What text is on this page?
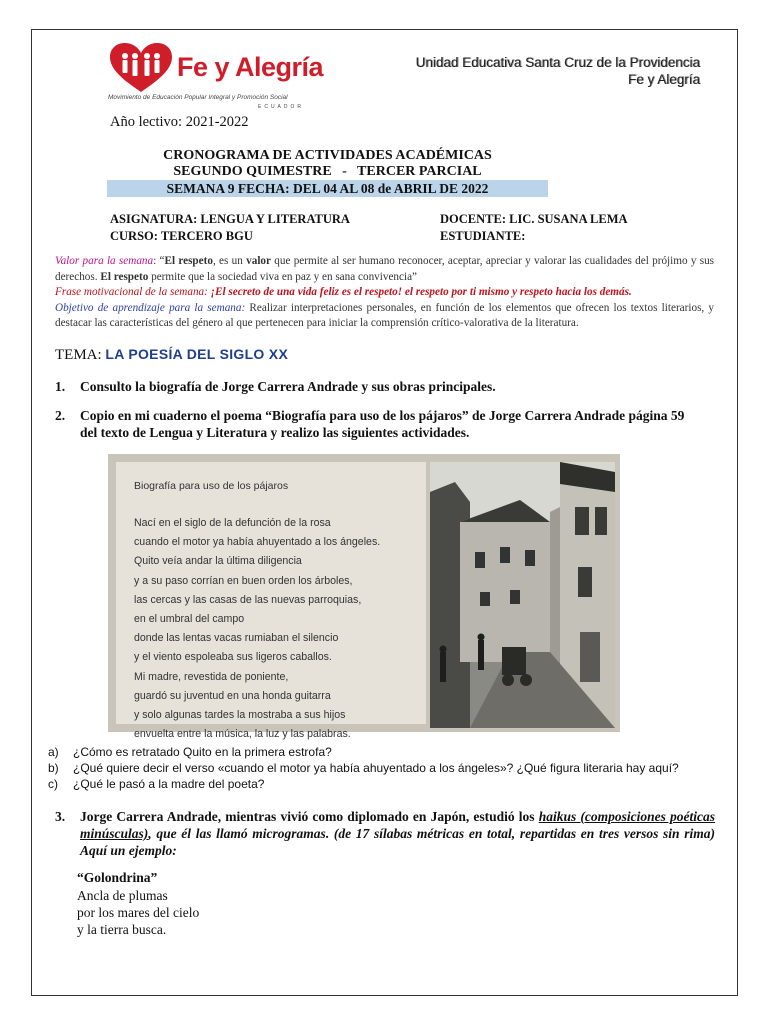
Fe y Alegría
Movimiento de Educación Popular Integral y Promoción Social
ECUADOR
Unidad Educativa Santa Cruz de la Providencia
Fe y Alegría
Año lectivo: 2021-2022
CRONOGRAMA DE ACTIVIDADES ACADÉMICAS
SEGUNDO QUIMESTRE   -   TERCER PARCIAL
SEMANA 9 FECHA: DEL 04 AL 08 de ABRIL DE 2022
ASIGNATURA: LENGUA Y LITERATURA
CURSO: TERCERO BGU
DOCENTE: LIC. SUSANA LEMA
ESTUDIANTE:
Valor para la semana: “El respeto, es un valor que permite al ser humano reconocer, aceptar, apreciar y valorar las cualidades del prójimo y sus derechos. El respeto permite que la sociedad viva en paz y en sana convivencia”
Frase motivacional de la semana: ¡El secreto de una vida feliz es el respeto! el respeto por ti mismo y respeto hacia los demás.
Objetivo de aprendizaje para la semana: Realizar interpretaciones personales, en función de los elementos que ofrecen los textos literarios, y destacar las características del género al que pertenecen para iniciar la comprensión crítico-valorativa de la literatura.
TEMA: LA POESÍA DEL SIGLO XX
1. Consulto la biografía de Jorge Carrera Andrade y sus obras principales.
2. Copio en mi cuaderno el poema “Biografía para uso de los pájaros” de Jorge Carrera Andrade página 59
del texto de Lengua y Literatura y realizo las siguientes actividades.
Biografía para uso de los pájaros
Nací en el siglo de la defunción de la rosa
cuando el motor ya había ahuyentado a los ángeles.
Quito veía andar la última diligencia
y a su paso corrían en buen orden los árboles,
las cercas y las casas de las nuevas parroquias,
en el umbral del campo
donde las lentas vacas rumiaban el silencio
y el viento espoleaba sus ligeros caballos.
Mi madre, revestida de poniente,
guardó su juventud en una honda guitarra
y solo algunas tardes la mostraba a sus hijos
envuelta entre la música, la luz y las palabras.
a) ¿Cómo es retratado Quito en la primera estrofa?
b) ¿Qué quiere decir el verso «cuando el motor ya había ahuyentado a los ángeles»? ¿Qué figura literaria hay aquí?
c) ¿Qué le pasó a la madre del poeta?
3. Jorge Carrera Andrade, mientras vivió como diplomado en Japón, estudió los haikus (composiciones poéticas minúsculas), que él las llamó microgramas. (de 17 sílabas métricas en total, repartidas en tres versos sin rima) Aquí un ejemplo:
“Golondrina”
Ancla de plumas
por los mares del cielo
y la tierra busca.
